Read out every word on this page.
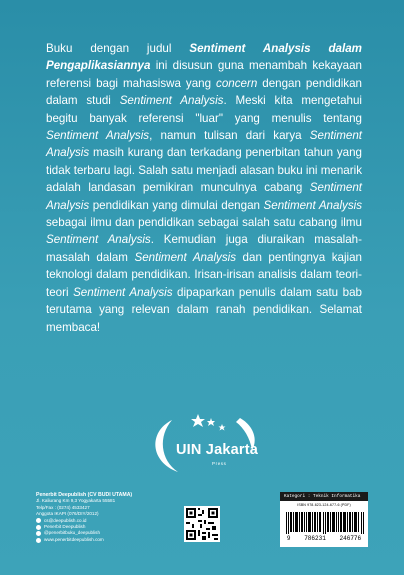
Buku dengan judul Sentiment Analysis dalam Pengaplikasiannya ini disusun guna menambah kekayaan referensi bagi mahasiswa yang concern dengan pendidikan dalam studi Sentiment Analysis. Meski kita mengetahui begitu banyak referensi "luar" yang menulis tentang Sentiment Analysis, namun tulisan dari karya Sentiment Analysis masih kurang dan terkadang penerbitan tahun yang tidak terbaru lagi. Salah satu menjadi alasan buku ini menarik adalah landasan pemikiran munculnya cabang Sentiment Analysis pendidikan yang dimulai dengan Sentiment Analysis sebagai ilmu dan pendidikan sebagai salah satu cabang ilmu Sentiment Analysis. Kemudian juga diuraikan masalah-masalah dalam Sentiment Analysis dan pentingnya kajian teknologi dalam pendidikan. Irisan-irisan analisis dalam teori-teori Sentiment Analysis dipaparkan penulis dalam satu bab terutama yang relevan dalam ranah pendidikan. Selamat membaca!
UIN Jakarta
Press
Penerbit Deepublish (CV BUDI UTAMA)
Jl. Kaliurang Km 9,3 Yogyakarta 55581
Telp/Fax : (0274) 4533427
Anggota IKAPI (076/DIY/2012)
cs@deepublish.co.id
Penerbit Deepublish
@penerbitbuku_deepublish
www.penerbitdeepublish.com
Kategori : Teknik Informatika
ISBN 978-623-124-677-6 (PDF)
9 786231 246776
